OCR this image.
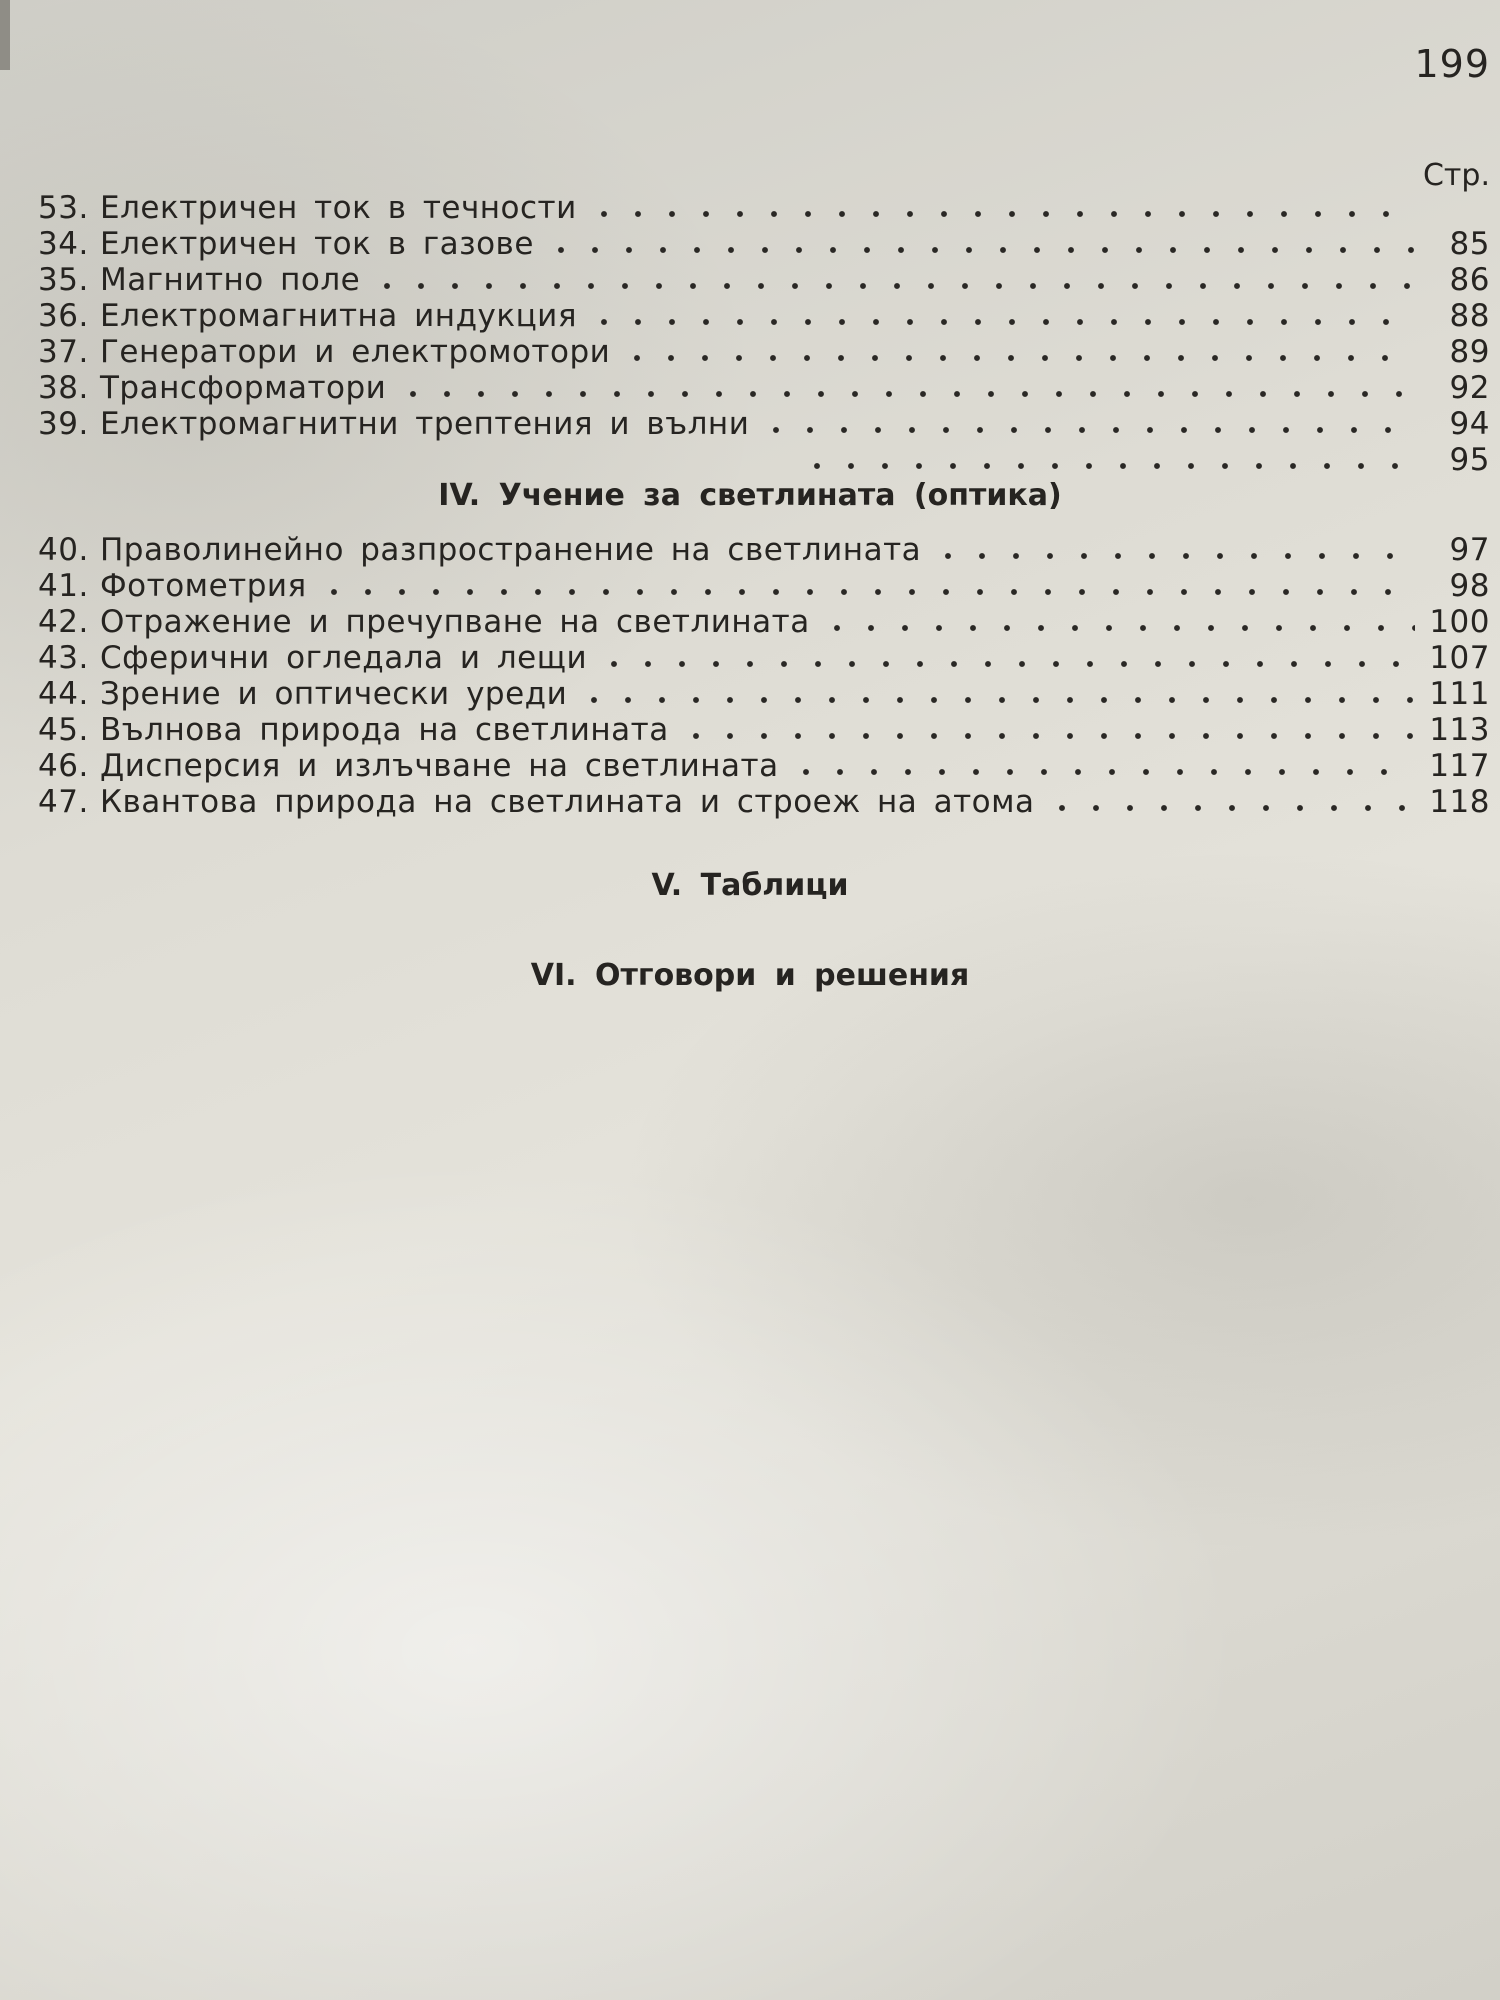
199
Стр.
53. Електричен ток в течности
34. Електричен ток в газове	85
35. Магнитно поле	86
36. Електромагнитна индукция	88
37. Генератори и електромотори	89
38. Трансформатори	92
39. Електромагнитни трептения и вълни	94
95
IV. Учение за светлината (оптика)
40. Праволинейно разпространение на светлината	97
41. Фотометрия	98
42. Отражение и пречупване на светлината	100
43. Сферични огледала и лещи	107
44. Зрение и оптически уреди	111
45. Вълнова природа на светлината	113
46. Дисперсия и излъчване на светлината	117
47. Квантова природа на светлината и строеж на атома	118
V. Таблици
VI. Отговори и решения
